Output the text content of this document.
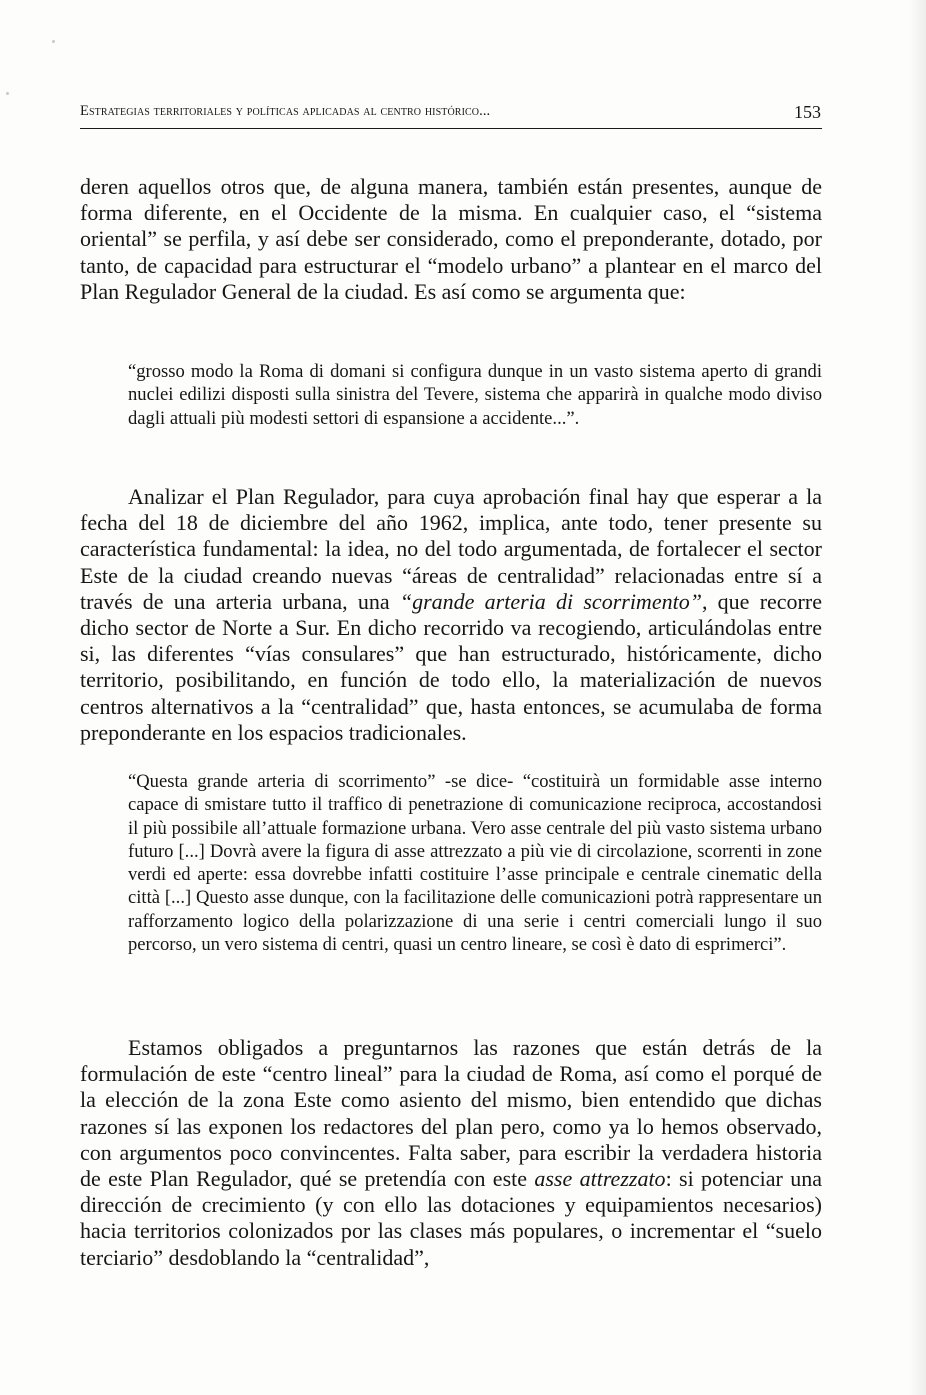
Estrategias territoriales y políticas aplicadas al centro histórico...	153

deren aquellos otros que, de alguna manera, también están presentes, aunque de forma diferente, en el Occidente de la misma. En cualquier caso, el “sistema oriental” se perfila, y así debe ser considerado, como el preponderante, dotado, por tanto, de capacidad para estructurar el “modelo urbano” a plantear en el marco del Plan Regulador General de la ciudad. Es así como se argumenta que:

“grosso modo la Roma di domani si configura dunque in un vasto sistema aperto di grandi nuclei edilizi disposti sulla sinistra del Tevere, sistema che apparirà in qualche modo diviso dagli attuali più modesti settori di espansione a accidente...”.

Analizar el Plan Regulador, para cuya aprobación final hay que esperar a la fecha del 18 de diciembre del año 1962, implica, ante todo, tener presente su característica fundamental: la idea, no del todo argumentada, de fortalecer el sector Este de la ciudad creando nuevas “áreas de centralidad” relacionadas entre sí a través de una arteria urbana, una “grande arteria di scorrimento”, que recorre dicho sector de Norte a Sur. En dicho recorrido va recogiendo, articulándolas entre si, las diferentes “vías consulares” que han estructurado, históricamente, dicho territorio, posibilitando, en función de todo ello, la materialización de nuevos centros alternativos a la “centralidad” que, hasta entonces, se acumulaba de forma preponderante en los espacios tradicionales.

“Questa grande arteria di scorrimento” -se dice- “costituirà un formidable asse interno capace di smistare tutto il traffico di penetrazione di comunicazione reciproca, accostandosi il più possibile all’attuale formazione urbana. Vero asse centrale del più vasto sistema urbano futuro [...] Dovrà avere la figura di asse attrezzato a più vie di circolazione, scorrenti in zone verdi ed aperte: essa dovrebbe infatti costituire l’asse principale e centrale cinematic della città [...] Questo asse dunque, con la facilitazione delle comunicazioni potrà rappresentare un rafforzamento logico della polarizzazione di una serie i centri comerciali lungo il suo percorso, un vero sistema di centri, quasi un centro lineare, se così è dato di esprimerci”.

Estamos obligados a preguntarnos las razones que están detrás de la formulación de este “centro lineal” para la ciudad de Roma, así como el porqué de la elección de la zona Este como asiento del mismo, bien entendido que dichas razones sí las exponen los redactores del plan pero, como ya lo hemos observado, con argumentos poco convincentes. Falta saber, para escribir la verdadera historia de este Plan Regulador, qué se pretendía con este asse attrezzato: si potenciar una dirección de crecimiento (y con ello las dotaciones y equipamientos necesarios) hacia territorios colonizados por las clases más populares, o incrementar el “suelo terciario” desdoblando la “centralidad”,
